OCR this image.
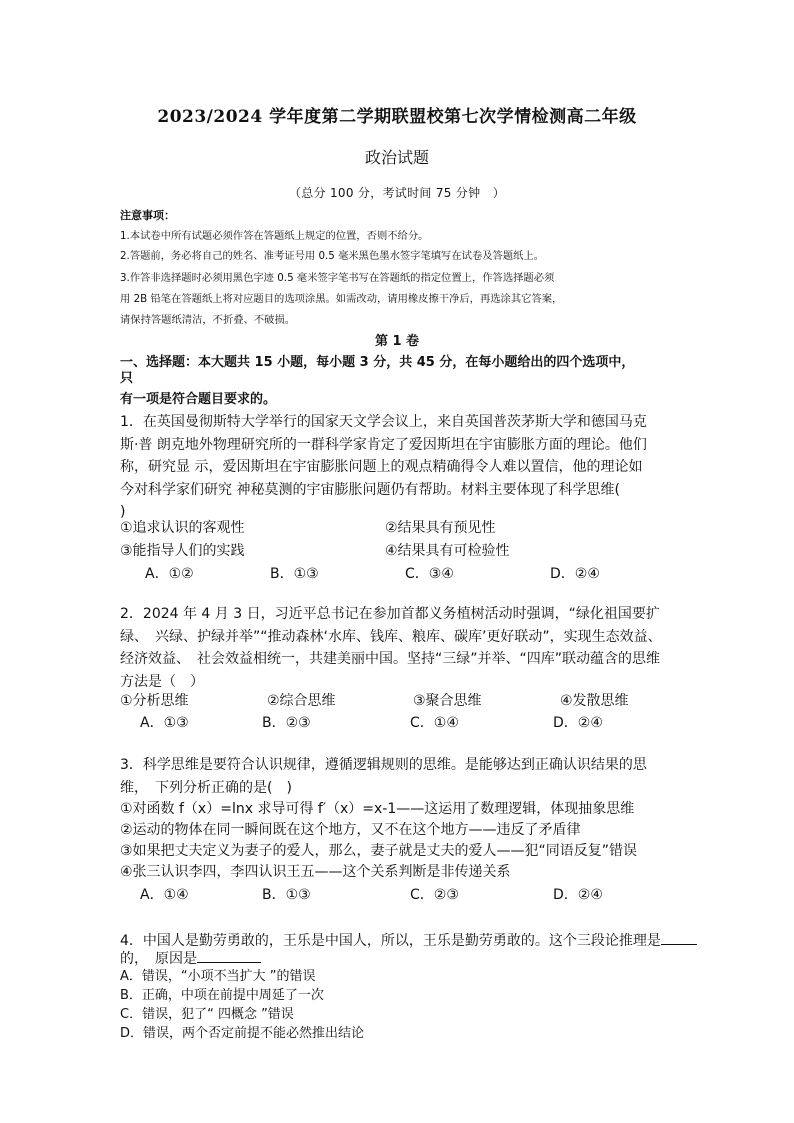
2023/2024 学年度第二学期联盟校第七次学情检测高二年级
政治试题
（总分 100 分，考试时间 75 分钟　）
注意事项：
1.本试卷中所有试题必须作答在答题纸上规定的位置，否则不给分。
2.答题前，务必将自己的姓名、准考证号用 0.5 毫米黑色墨水签字笔填写在试卷及答题纸上。
3.作答非选择题时必须用黑色字迹 0.5 毫米签字笔书写在答题纸的指定位置上，作答选择题必须
用 2B 铅笔在答题纸上将对应题目的选项涂黑。如需改动，请用橡皮擦干净后，再选涂其它答案，
请保持答题纸清洁，不折叠、不破损。
第 1 卷
一、选择题：本大题共 15 小题，每小题 3 分，共 45 分，在每小题给出的四个选项中，
只
有一项是符合题目要求的。
1．在英国曼彻斯特大学举行的国家天文学会议上，来自英国普茨茅斯大学和德国马克
斯·普 朗克地外物理研究所的一群科学家肯定了爱因斯坦在宇宙膨胀方面的理论。他们
称，研究显 示，爱因斯坦在宇宙膨胀问题上的观点精确得令人难以置信，他的理论如
今对科学家们研究 神秘莫测的宇宙膨胀问题仍有帮助。材料主要体现了科学思维(
)
①追求认识的客观性	②结果具有预见性
③能指导人们的实践	④结果具有可检验性
A．①②	B．①③	C．③④	D．②④
2．2024 年 4 月 3 日，习近平总书记在参加首都义务植树活动时强调，“绿化祖国要扩
绿、　兴绿、护绿并举”“推动森林‘水库、钱库、粮库、碳库’更好联动”，实现生态效益、
经济效益、　社会效益相统一，共建美丽中国。坚持“三绿”并举、“四库”联动蕴含的思维
方法是（　）
①分析思维	②综合思维	③聚合思维	④发散思维
A．①③	B．②③	C．①④	D．②④
3．科学思维是要符合认识规律，遵循逻辑规则的思维。是能够达到正确认识结果的思
维，　下列分析正确的是(　)
①对函数 f（x）=lnx 求导可得 f′（x）=x-1——这运用了数理逻辑，体现抽象思维
②运动的物体在同一瞬间既在这个地方，又不在这个地方——违反了矛盾律
③如果把丈夫定义为妻子的爱人，那么，妻子就是丈夫的爱人——犯“同语反复”错误
④张三认识李四，李四认识王五——这个关系判断是非传递关系
A．①④	B．①③	C．②③	D．②④
4．中国人是勤劳勇敢的，王乐是中国人，所以，王乐是勤劳勇敢的。这个三段论推理是
的，　原因是
A．错误，“小项不当扩大 ”的错误
B．正确，中项在前提中周延了一次
C．错误，犯了“ 四概念 ”错误
D．错误，两个否定前提不能必然推出结论
